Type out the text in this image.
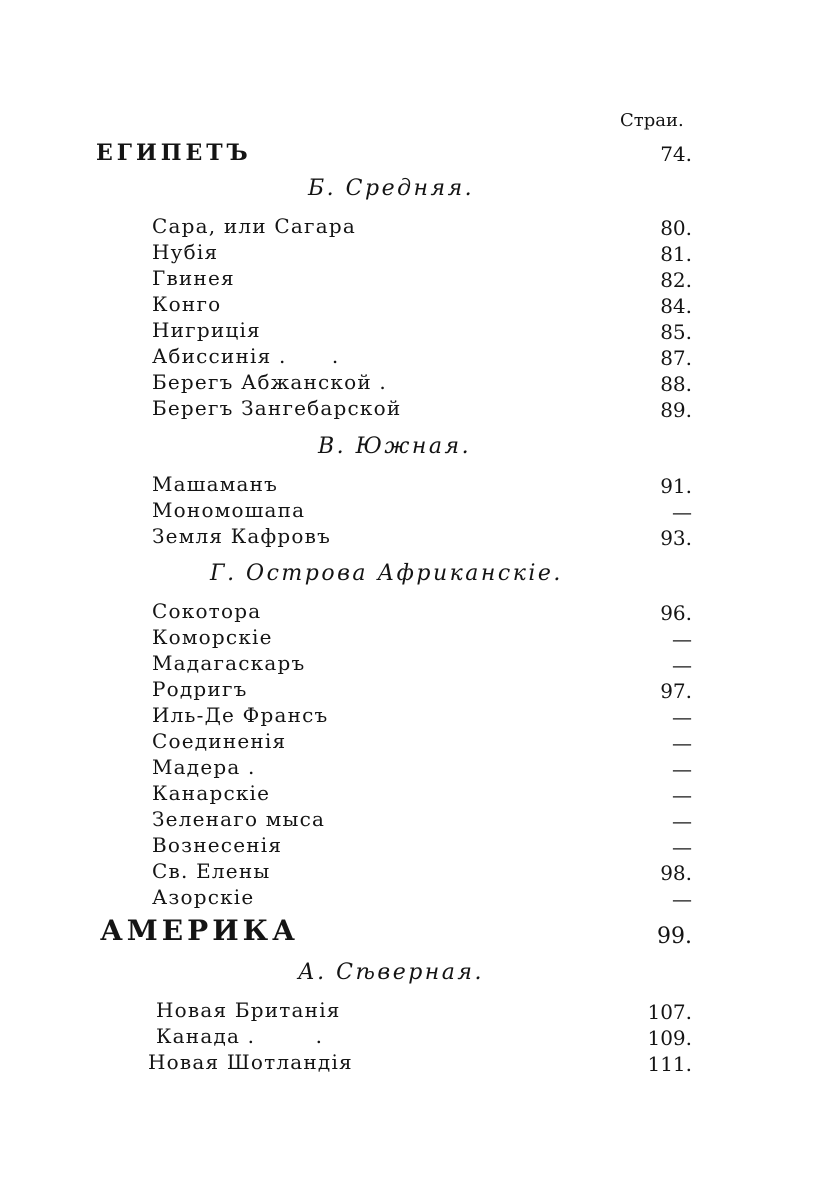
Страи.
ЕГИПЕТЪ	74.
Б. Средняя.
Сара, или Сагара	80.
Нубія	81.
Гвинея	82.
Конго	84.
Нигриція	85.
Абиссинія .      .	87.
Берегъ Абжанской .	88.
Берегъ Зангебарской	89.
В. Южная.
Машаманъ	91.
Мономошапа	—
Земля Кафровъ	93.
Г. Острова Африканскіе.
Сокотора	96.
Коморскіе	—
Мадагаскаръ	—
Родригъ	97.
Иль-Де Франсъ	—
Соединенія	—
Мадера .	—
Канарскіе	—
Зеленаго мыса	—
Вознесенія	—
Св. Елены	98.
Азорскіе	—
АМЕРИКА	99.
А. Сѣверная.
Новая Британія	107.
Канада .        .	109.
Новая Шотландія	111.
